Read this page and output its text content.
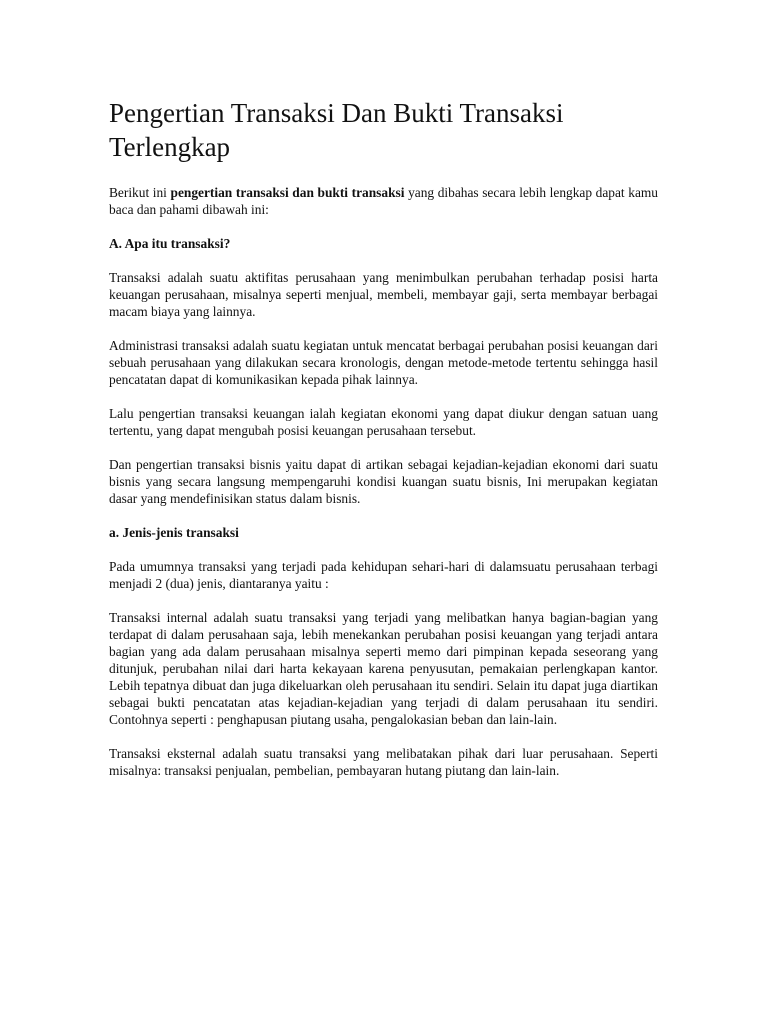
Pengertian Transaksi Dan Bukti Transaksi Terlengkap

Berikut ini pengertian transaksi dan bukti transaksi yang dibahas secara lebih lengkap dapat kamu baca dan pahami dibawah ini:

A. Apa itu transaksi?

Transaksi adalah suatu aktifitas perusahaan yang menimbulkan perubahan terhadap posisi harta keuangan perusahaan, misalnya seperti menjual, membeli, membayar gaji, serta membayar berbagai macam biaya yang lainnya.

Administrasi transaksi adalah suatu kegiatan untuk mencatat berbagai perubahan posisi keuangan dari sebuah perusahaan yang dilakukan secara kronologis, dengan metode-metode tertentu sehingga hasil pencatatan dapat di komunikasikan kepada pihak lainnya.

Lalu pengertian transaksi keuangan ialah kegiatan ekonomi yang dapat diukur dengan satuan uang tertentu, yang dapat mengubah posisi keuangan perusahaan tersebut.

Dan pengertian transaksi bisnis yaitu dapat di artikan sebagai kejadian-kejadian ekonomi dari suatu bisnis yang secara langsung mempengaruhi kondisi kuangan suatu bisnis, Ini merupakan kegiatan dasar yang mendefinisikan status dalam bisnis.

a. Jenis-jenis transaksi

Pada umumnya transaksi yang terjadi pada kehidupan sehari-hari di dalamsuatu perusahaan terbagi menjadi 2 (dua) jenis, diantaranya yaitu :

Transaksi internal adalah suatu transaksi yang terjadi yang melibatkan hanya bagian-bagian yang terdapat di dalam perusahaan saja, lebih menekankan perubahan posisi keuangan yang terjadi antara bagian yang ada dalam perusahaan misalnya seperti memo dari pimpinan kepada seseorang yang ditunjuk, perubahan nilai dari harta kekayaan karena penyusutan, pemakaian perlengkapan kantor. Lebih tepatnya dibuat dan juga dikeluarkan oleh perusahaan itu sendiri. Selain itu dapat juga diartikan sebagai bukti pencatatan atas kejadian-kejadian yang terjadi di dalam perusahaan itu sendiri. Contohnya seperti : penghapusan piutang usaha, pengalokasian beban dan lain-lain.

Transaksi eksternal adalah suatu transaksi yang melibatakan pihak dari luar perusahaan. Seperti misalnya: transaksi penjualan, pembelian, pembayaran hutang piutang dan lain-lain.
